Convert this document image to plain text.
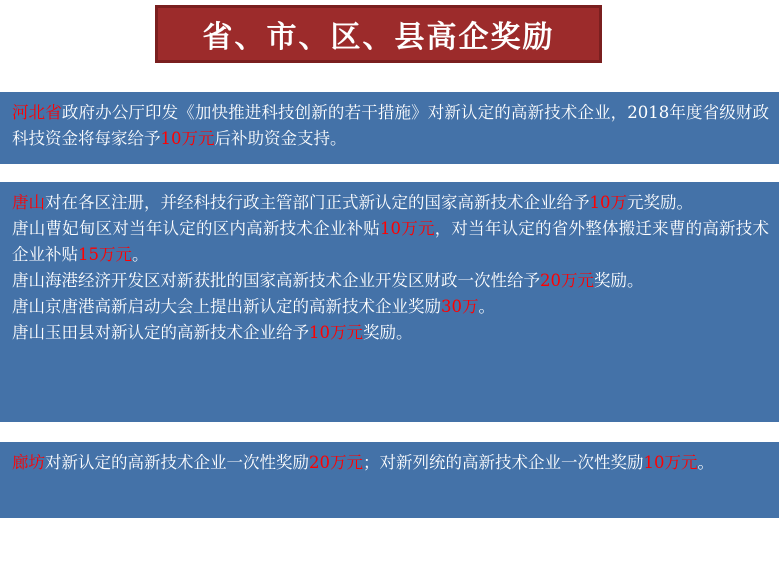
省、市、区、县高企奖励

河北省政府办公厅印发《加快推进科技创新的若干措施》对新认定的高新技术企业，2018年度省级财政科技资金将每家给予10万元后补助资金支持。

唐山对在各区注册，并经科技行政主管部门正式新认定的国家高新技术企业给予10万元奖励。

唐山曹妃甸区对当年认定的区内高新技术企业补贴10万元，对当年认定的省外整体搬迁来曹的高新技术企业补贴15万元。

唐山海港经济开发区对新获批的国家高新技术企业开发区财政一次性给予20万元奖励。

唐山京唐港高新启动大会上提出新认定的高新技术企业奖励30万。

唐山玉田县对新认定的高新技术企业给予10万元奖励。

廊坊对新认定的高新技术企业一次性奖励20万元；对新列统的高新技术企业一次性奖励10万元。
